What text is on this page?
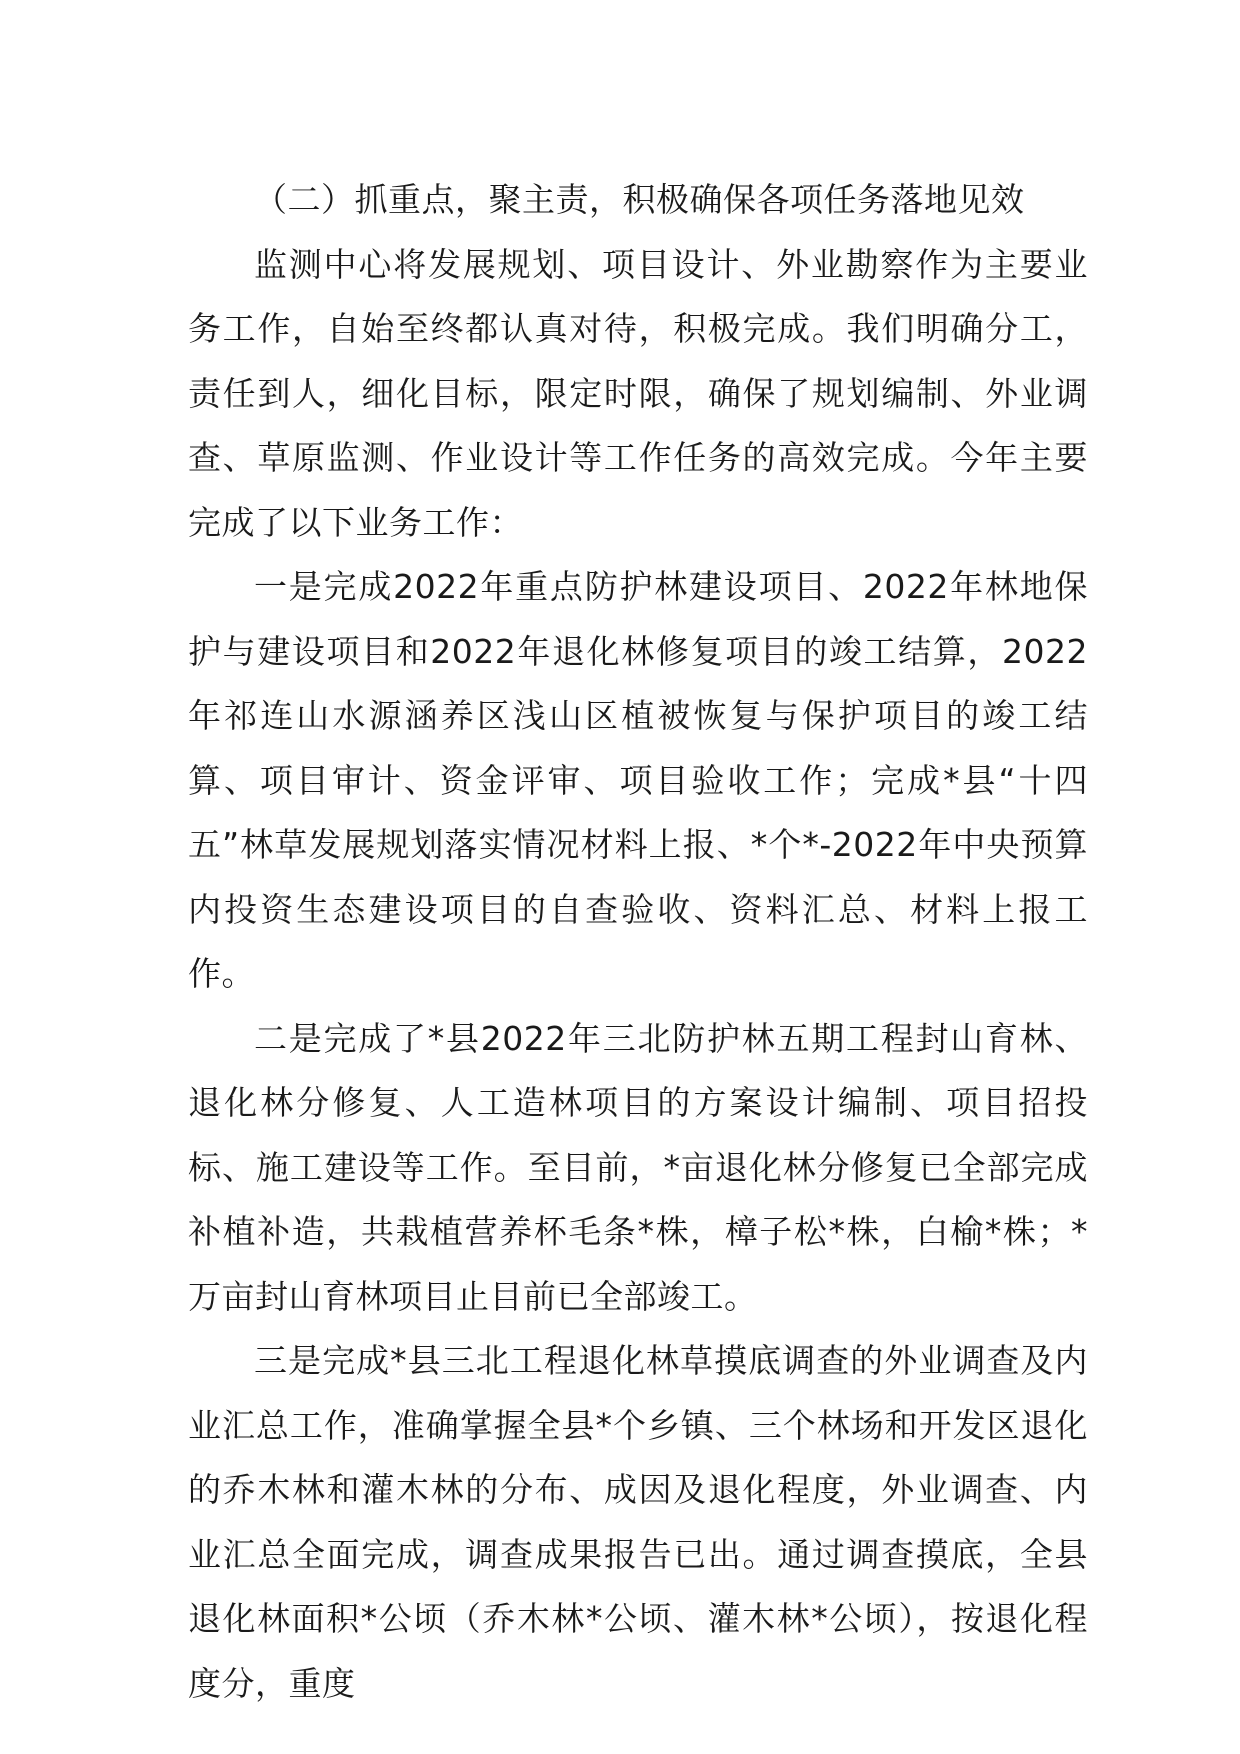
（二）抓重点，聚主责，积极确保各项任务落地见效

监测中心将发展规划、项目设计、外业勘察作为主要业务工作，自始至终都认真对待，积极完成。我们明确分工，责任到人，细化目标，限定时限，确保了规划编制、外业调查、草原监测、作业设计等工作任务的高效完成。今年主要完成了以下业务工作：

一是完成2022年重点防护林建设项目、2022年林地保护与建设项目和2022年退化林修复项目的竣工结算，2022年祁连山水源涵养区浅山区植被恢复与保护项目的竣工结算、项目审计、资金评审、项目验收工作；完成*县“十四五”林草发展规划落实情况材料上报、*个*-2022年中央预算内投资生态建设项目的自查验收、资料汇总、材料上报工作。

二是完成了*县2022年三北防护林五期工程封山育林、退化林分修复、人工造林项目的方案设计编制、项目招投标、施工建设等工作。至目前，*亩退化林分修复已全部完成补植补造，共栽植营养杯毛条*株，樟子松*株，白榆*株；*万亩封山育林项目止目前已全部竣工。

三是完成*县三北工程退化林草摸底调查的外业调查及内业汇总工作，准确掌握全县*个乡镇、三个林场和开发区退化的乔木林和灌木林的分布、成因及退化程度，外业调查、内业汇总全面完成，调查成果报告已出。通过调查摸底，全县退化林面积*公顷（乔木林*公顷、灌木林*公顷），按退化程度分，重度
